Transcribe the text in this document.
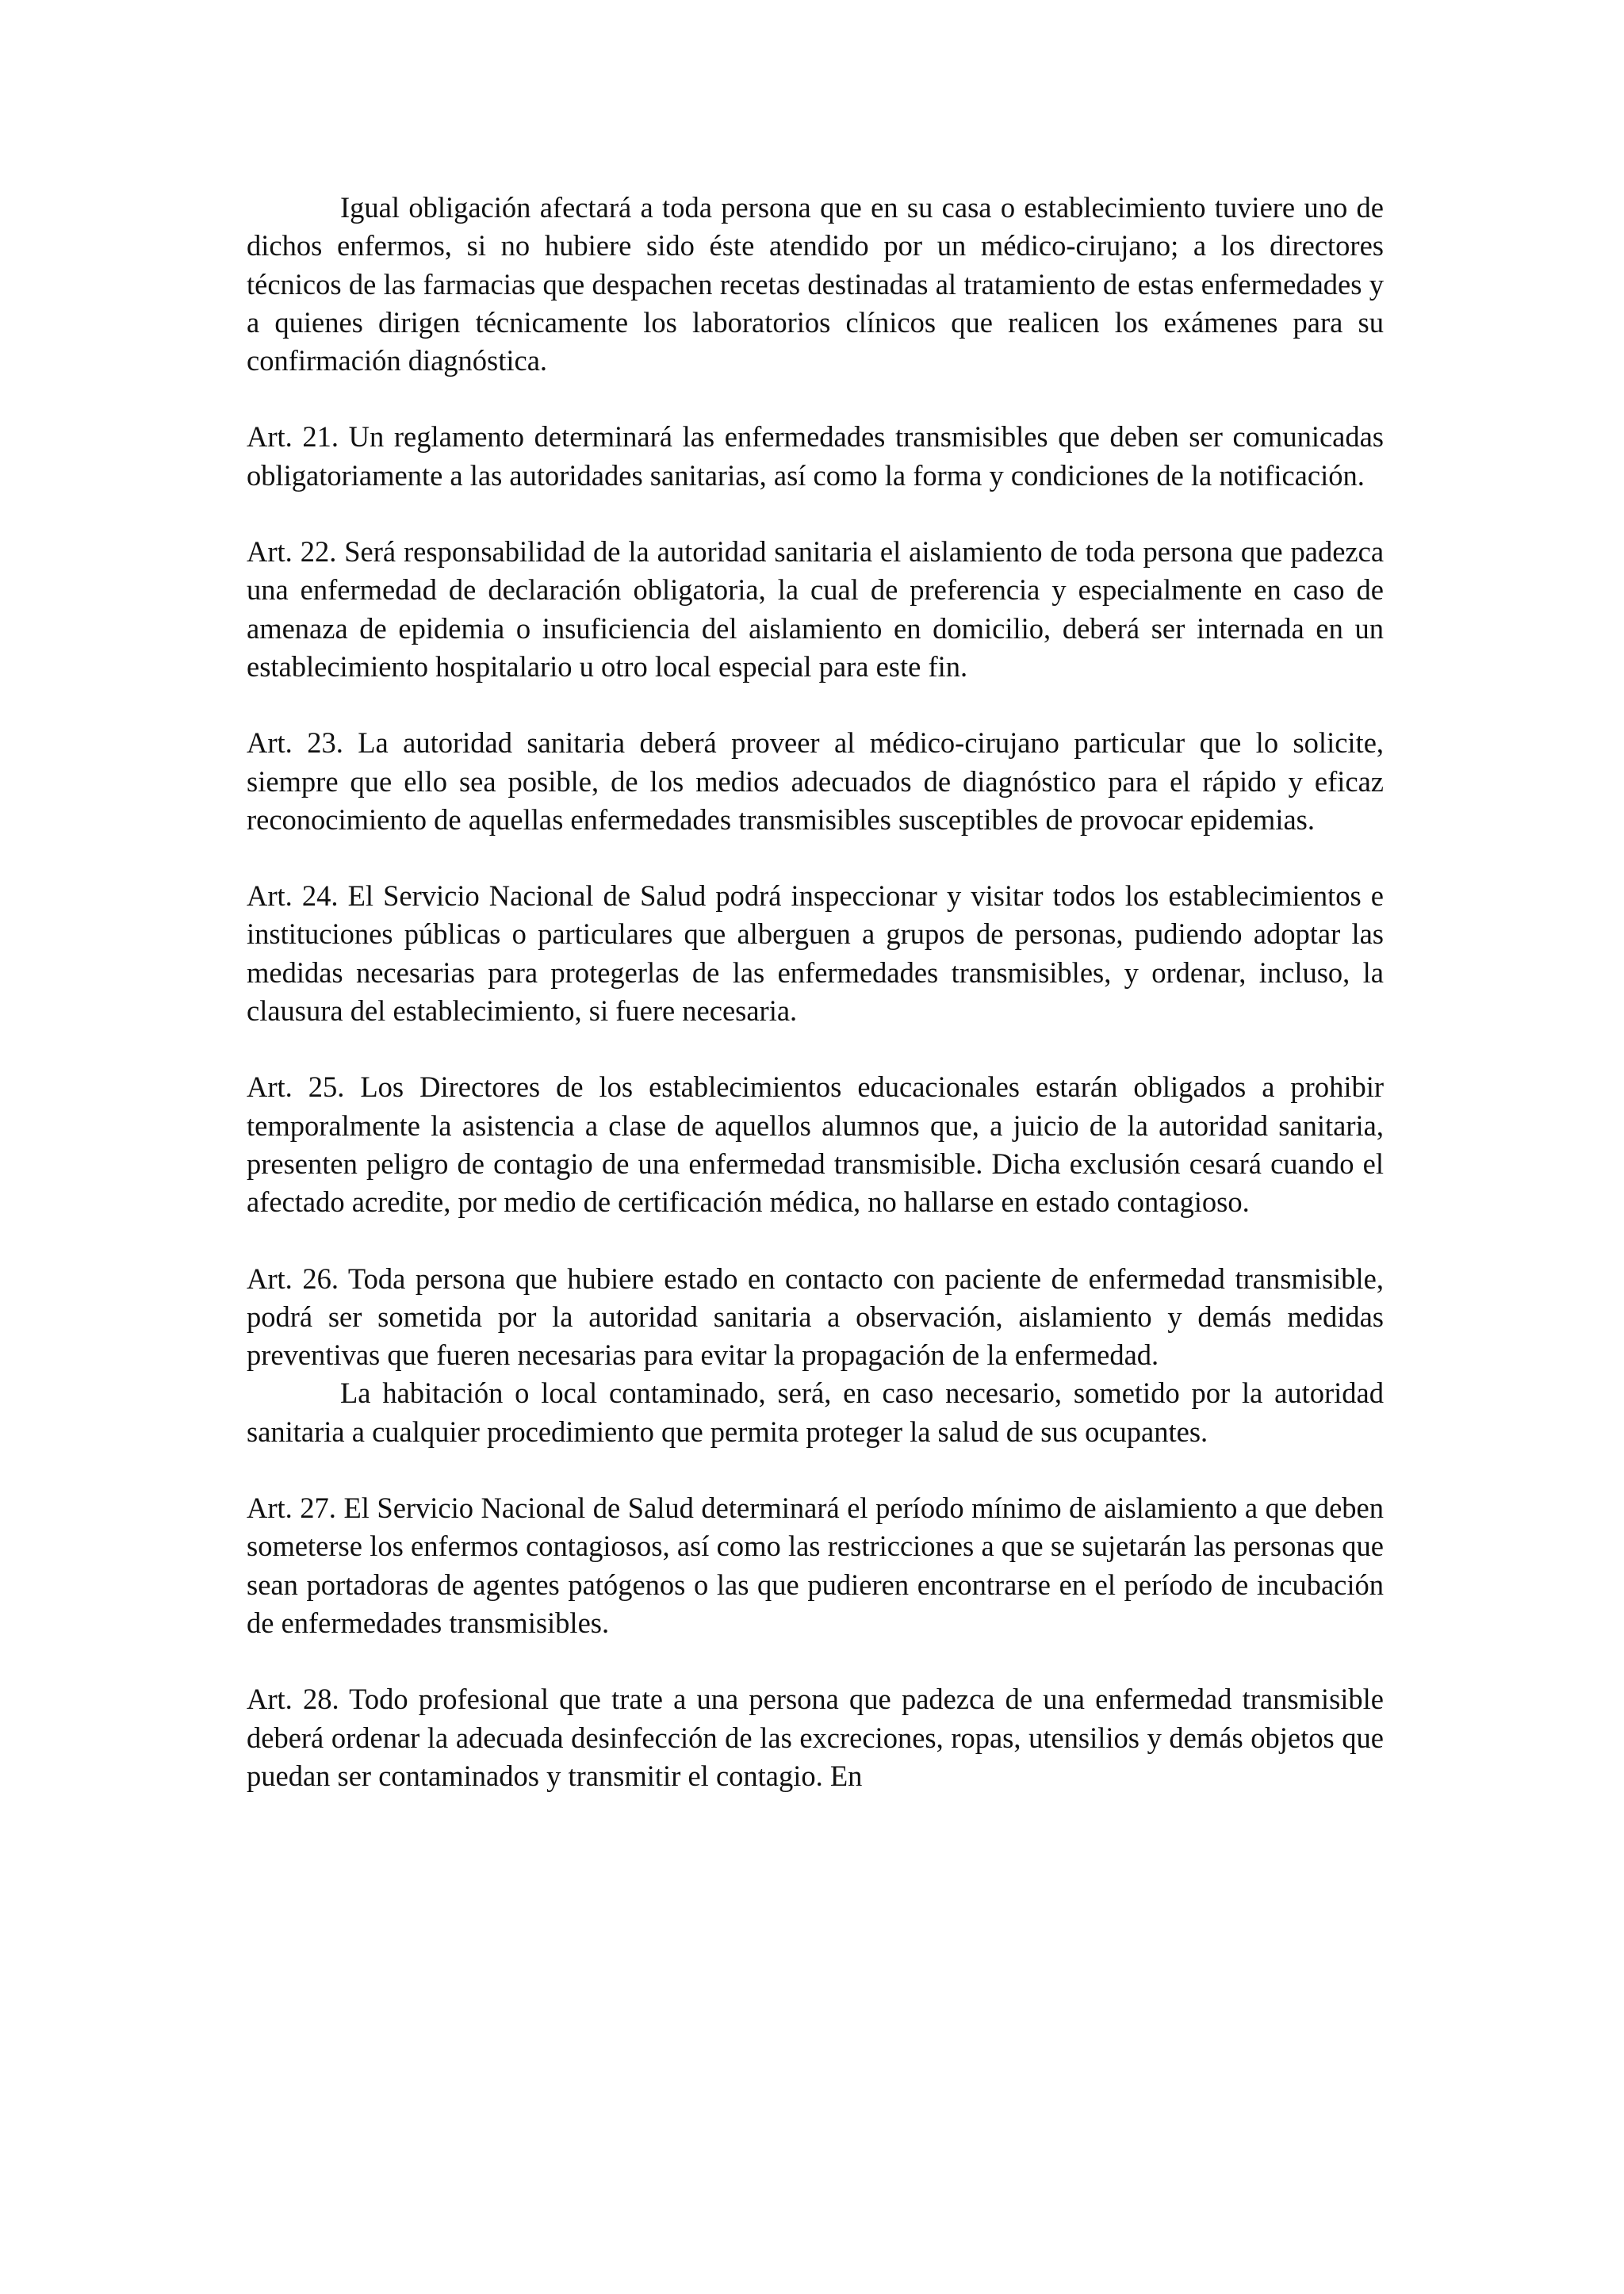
Igual obligación afectará a toda persona que en su casa o establecimiento tuviere uno de dichos enfermos, si no hubiere sido éste atendido por un médico-cirujano; a los directores técnicos de las farmacias que despachen recetas destinadas al tratamiento de estas enfermedades y a quienes dirigen técnicamente los laboratorios clínicos que realicen los exámenes para su confirmación diagnóstica.

Art. 21. Un reglamento determinará las enfermedades transmisibles que deben ser comunicadas obligatoriamente a las autoridades sanitarias, así como la forma y condiciones de la notificación.

Art. 22. Será responsabilidad de la autoridad sanitaria el aislamiento de toda persona que padezca una enfermedad de declaración obligatoria, la cual de preferencia y especialmente en caso de amenaza de epidemia o insuficiencia del aislamiento en domicilio, deberá ser internada en un establecimiento hospitalario u otro local especial para este fin.

Art. 23. La autoridad sanitaria deberá proveer al médico-cirujano particular que lo solicite, siempre que ello sea posible, de los medios adecuados de diagnóstico para el rápido y eficaz reconocimiento de aquellas enfermedades transmisibles susceptibles de provocar epidemias.

Art. 24. El Servicio Nacional de Salud podrá inspeccionar y visitar todos los establecimientos e instituciones públicas o particulares que alberguen a grupos de personas, pudiendo adoptar las medidas necesarias para protegerlas de las enfermedades transmisibles, y ordenar, incluso, la clausura del establecimiento, si fuere necesaria.

Art. 25. Los Directores de los establecimientos educacionales estarán obligados a prohibir temporalmente la asistencia a clase de aquellos alumnos que, a juicio de la autoridad sanitaria, presenten peligro de contagio de una enfermedad transmisible. Dicha exclusión cesará cuando el afectado acredite, por medio de certificación médica, no hallarse en estado contagioso.

Art. 26. Toda persona que hubiere estado en contacto con paciente de enfermedad transmisible, podrá ser sometida por la autoridad sanitaria a observación, aislamiento y demás medidas preventivas que fueren necesarias para evitar la propagación de la enfermedad.

La habitación o local contaminado, será, en caso necesario, sometido por la autoridad sanitaria a cualquier procedimiento que permita proteger la salud de sus ocupantes.

Art. 27. El Servicio Nacional de Salud determinará el período mínimo de aislamiento a que deben someterse los enfermos contagiosos, así como las restricciones a que se sujetarán las personas que sean portadoras de agentes patógenos o las que pudieren encontrarse en el período de incubación de enfermedades transmisibles.

Art. 28. Todo profesional que trate a una persona que padezca de una enfermedad transmisible deberá ordenar la adecuada desinfección de las excreciones, ropas, utensilios y demás objetos que puedan ser contaminados y transmitir el contagio. En
